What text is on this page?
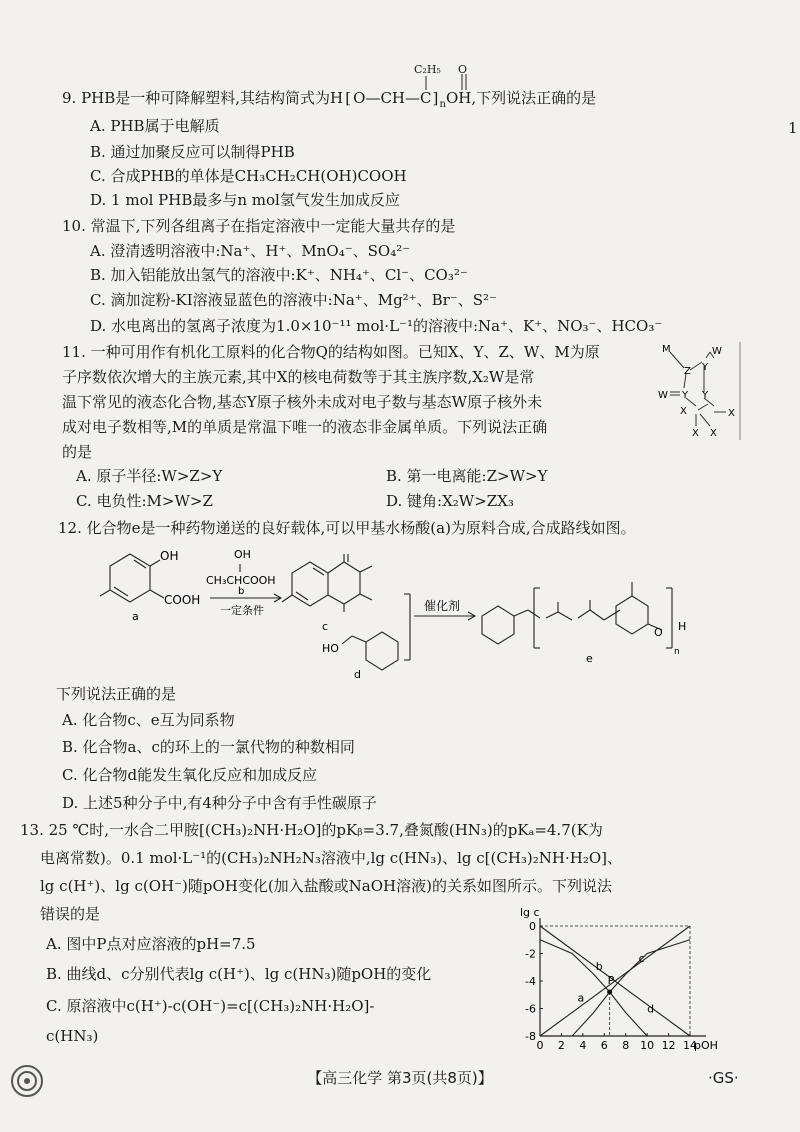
9. PHB是一种可降解塑料,其结构简式为H [ $O—CH—C]_nOH$,下列说法正确的是
C₂H₅ O
A. PHB属于电解质
B. 通过加聚反应可以制得PHB
C. 合成PHB的单体是CH₃CH₂CH(OH)COOH
D. 1 mol PHB最多与n mol氢气发生加成反应
10. 常温下,下列各组离子在指定溶液中一定能大量共存的是
A. 澄清透明溶液中:Na⁺、H⁺、MnO₄⁻、SO₄²⁻
B. 加入铝能放出氢气的溶液中:K⁺、NH₄⁺、Cl⁻、CO₃²⁻
C. 滴加淀粉-KI溶液显蓝色的溶液中:Na⁺、Mg²⁺、Br⁻、S²⁻
D. 水电离出的氢离子浓度为1.0×10⁻¹¹ mol·L⁻¹的溶液中:Na⁺、K⁺、NO₃⁻、HCO₃⁻
11. 一种可用作有机化工原料的化合物Q的结构如图。已知X、Y、Z、W、M为原
子序数依次增大的主族元素,其中X的核电荷数等于其主族序数,X₂W是常
温下常见的液态化合物,基态Y原子核外未成对电子数与基态W原子核外未
成对电子数相等,M的单质是常温下唯一的液态非金属单质。下列说法正确
的是
A. 原子半径:W>Z>Y	B. 第一电离能:Z>W>Y
C. 电负性:M>W>Z	D. 键角:X₂W>ZX₃
M
Z Y
W
W Y Y
X
X X
X
12. 化合物e是一种药物递送的良好载体,可以甲基水杨酸(a)为原料合成,合成路线如图。
OH
COOH
a
OH
CH₃CHCOOH
b
一定条件
c
催化剂
HO
d
e
O H
n
下列说法正确的是
A. 化合物c、e互为同系物
B. 化合物a、c的环上的一氯代物的种数相同
C. 化合物d能发生氧化反应和加成反应
D. 上述5种分子中,有4种分子中含有手性碳原子
13. 25 ℃时,一水合二甲胺[(CH₃)₂NH·H₂O]的pKᵦ=3.7,叠氮酸(HN₃)的pKₐ=4.7(K为
电离常数)。0.1 mol·L⁻¹的(CH₃)₂NH₂N₃溶液中,lg c(HN₃)、lg c[(CH₃)₂NH·H₂O]、
lg c(H⁺)、lg c(OH⁻)随pOH变化(加入盐酸或NaOH溶液)的关系如图所示。下列说法
错误的是
A. 图中P点对应溶液的pH=7.5
B. 曲线d、c分别代表lg c(H⁺)、lg c(HN₃)随pOH的变化
C. 原溶液中c(H⁺)-c(OH⁻)=c[(CH₃)₂NH·H₂O]-
c(HN₃)
0 2 4 6 8 10 12 14
0
-2
-4
-6
-8
lg c
pOH
a
b
c
d
P
1
【高三化学 第3页(共8页)】	·GS·
